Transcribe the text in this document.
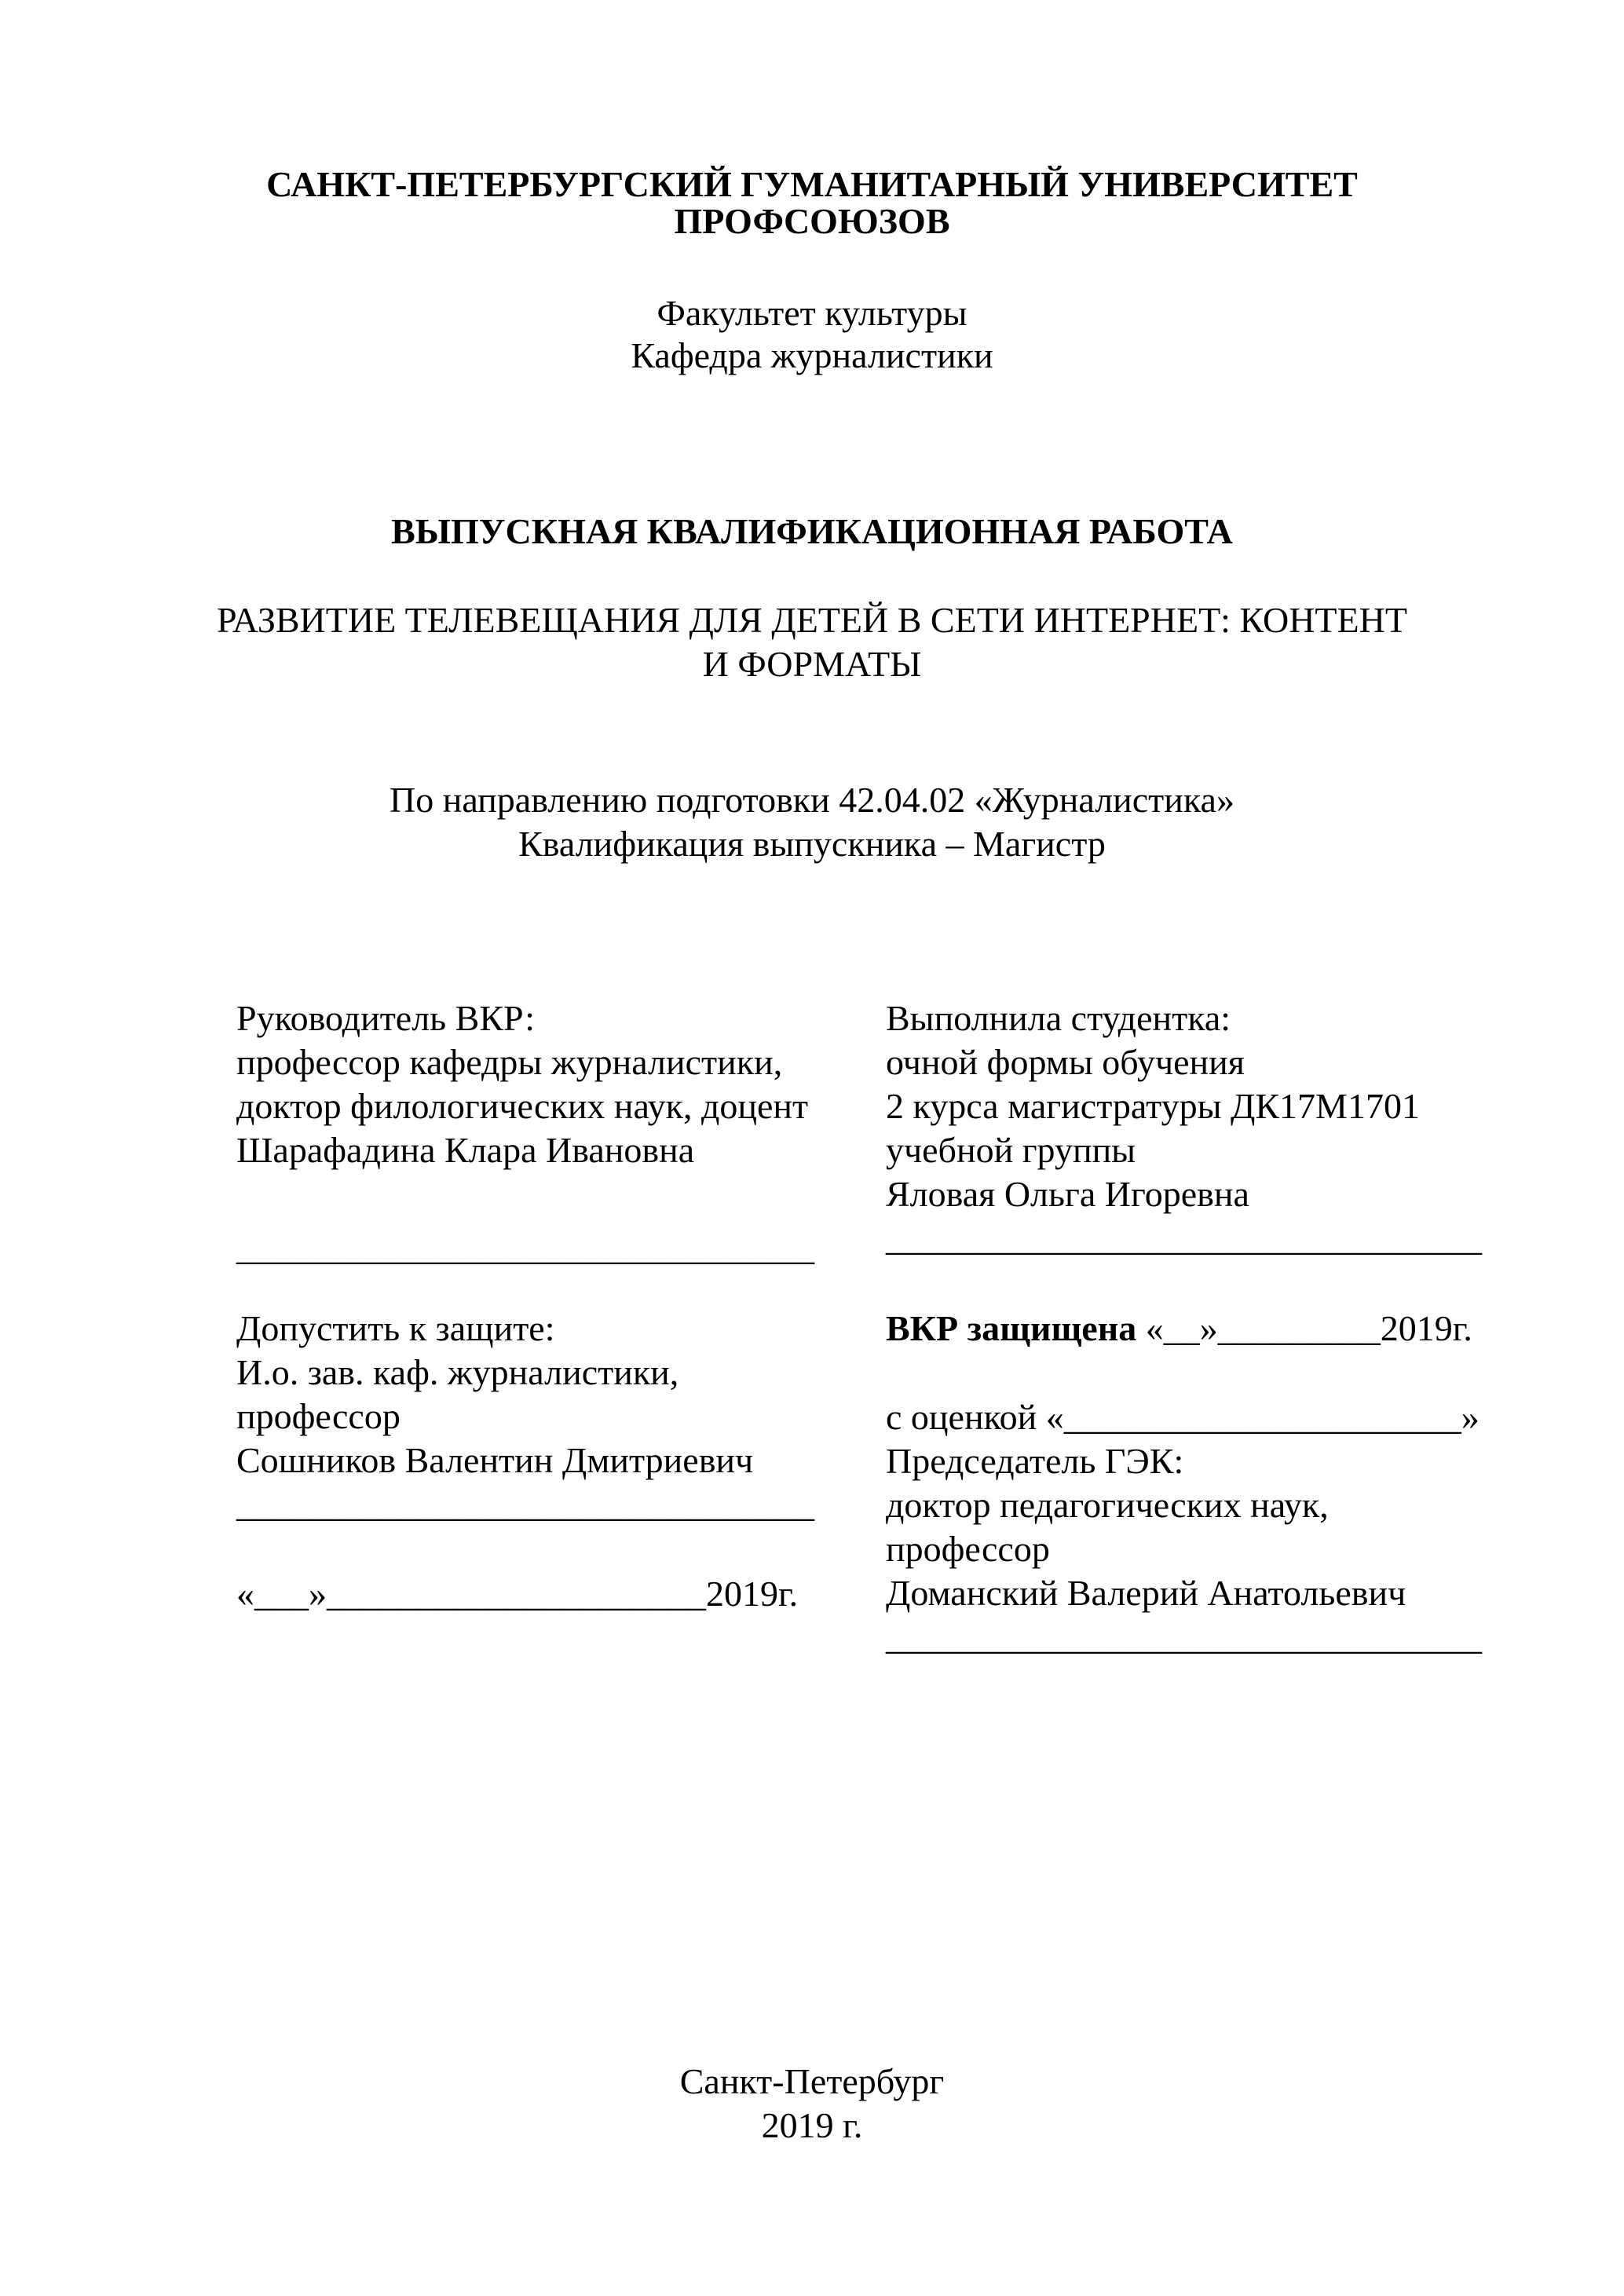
САНКТ-ПЕТЕРБУРГСКИЙ ГУМАНИТАРНЫЙ УНИВЕРСИТЕТ
ПРОФСОЮЗОВ
Факультет культуры
Кафедра журналистики
ВЫПУСКНАЯ КВАЛИФИКАЦИОННАЯ РАБОТА
РАЗВИТИЕ ТЕЛЕВЕЩАНИЯ ДЛЯ ДЕТЕЙ В СЕТИ ИНТЕРНЕТ: КОНТЕНТ
И ФОРМАТЫ
По направлению подготовки 42.04.02 «Журналистика»
Квалификация выпускника – Магистр
Руководитель ВКР:
профессор кафедры журналистики,
доктор филологических наук, доцент
Шарафадина Клара Ивановна
________________________________
Выполнила студентка:
очной формы обучения
2 курса магистратуры ДК17М1701
учебной группы
Яловая Ольга Игоревна
_________________________________
Допустить к защите:
И.о. зав. каф. журналистики,
профессор
Сошников Валентин Дмитриевич
________________________________
«___»_____________________2019г.
ВКР защищена «__»_________2019г.
с оценкой «______________________»
Председатель ГЭК:
доктор педагогических наук,
профессор
Доманский Валерий Анатольевич
_________________________________
Санкт-Петербург
2019 г.
